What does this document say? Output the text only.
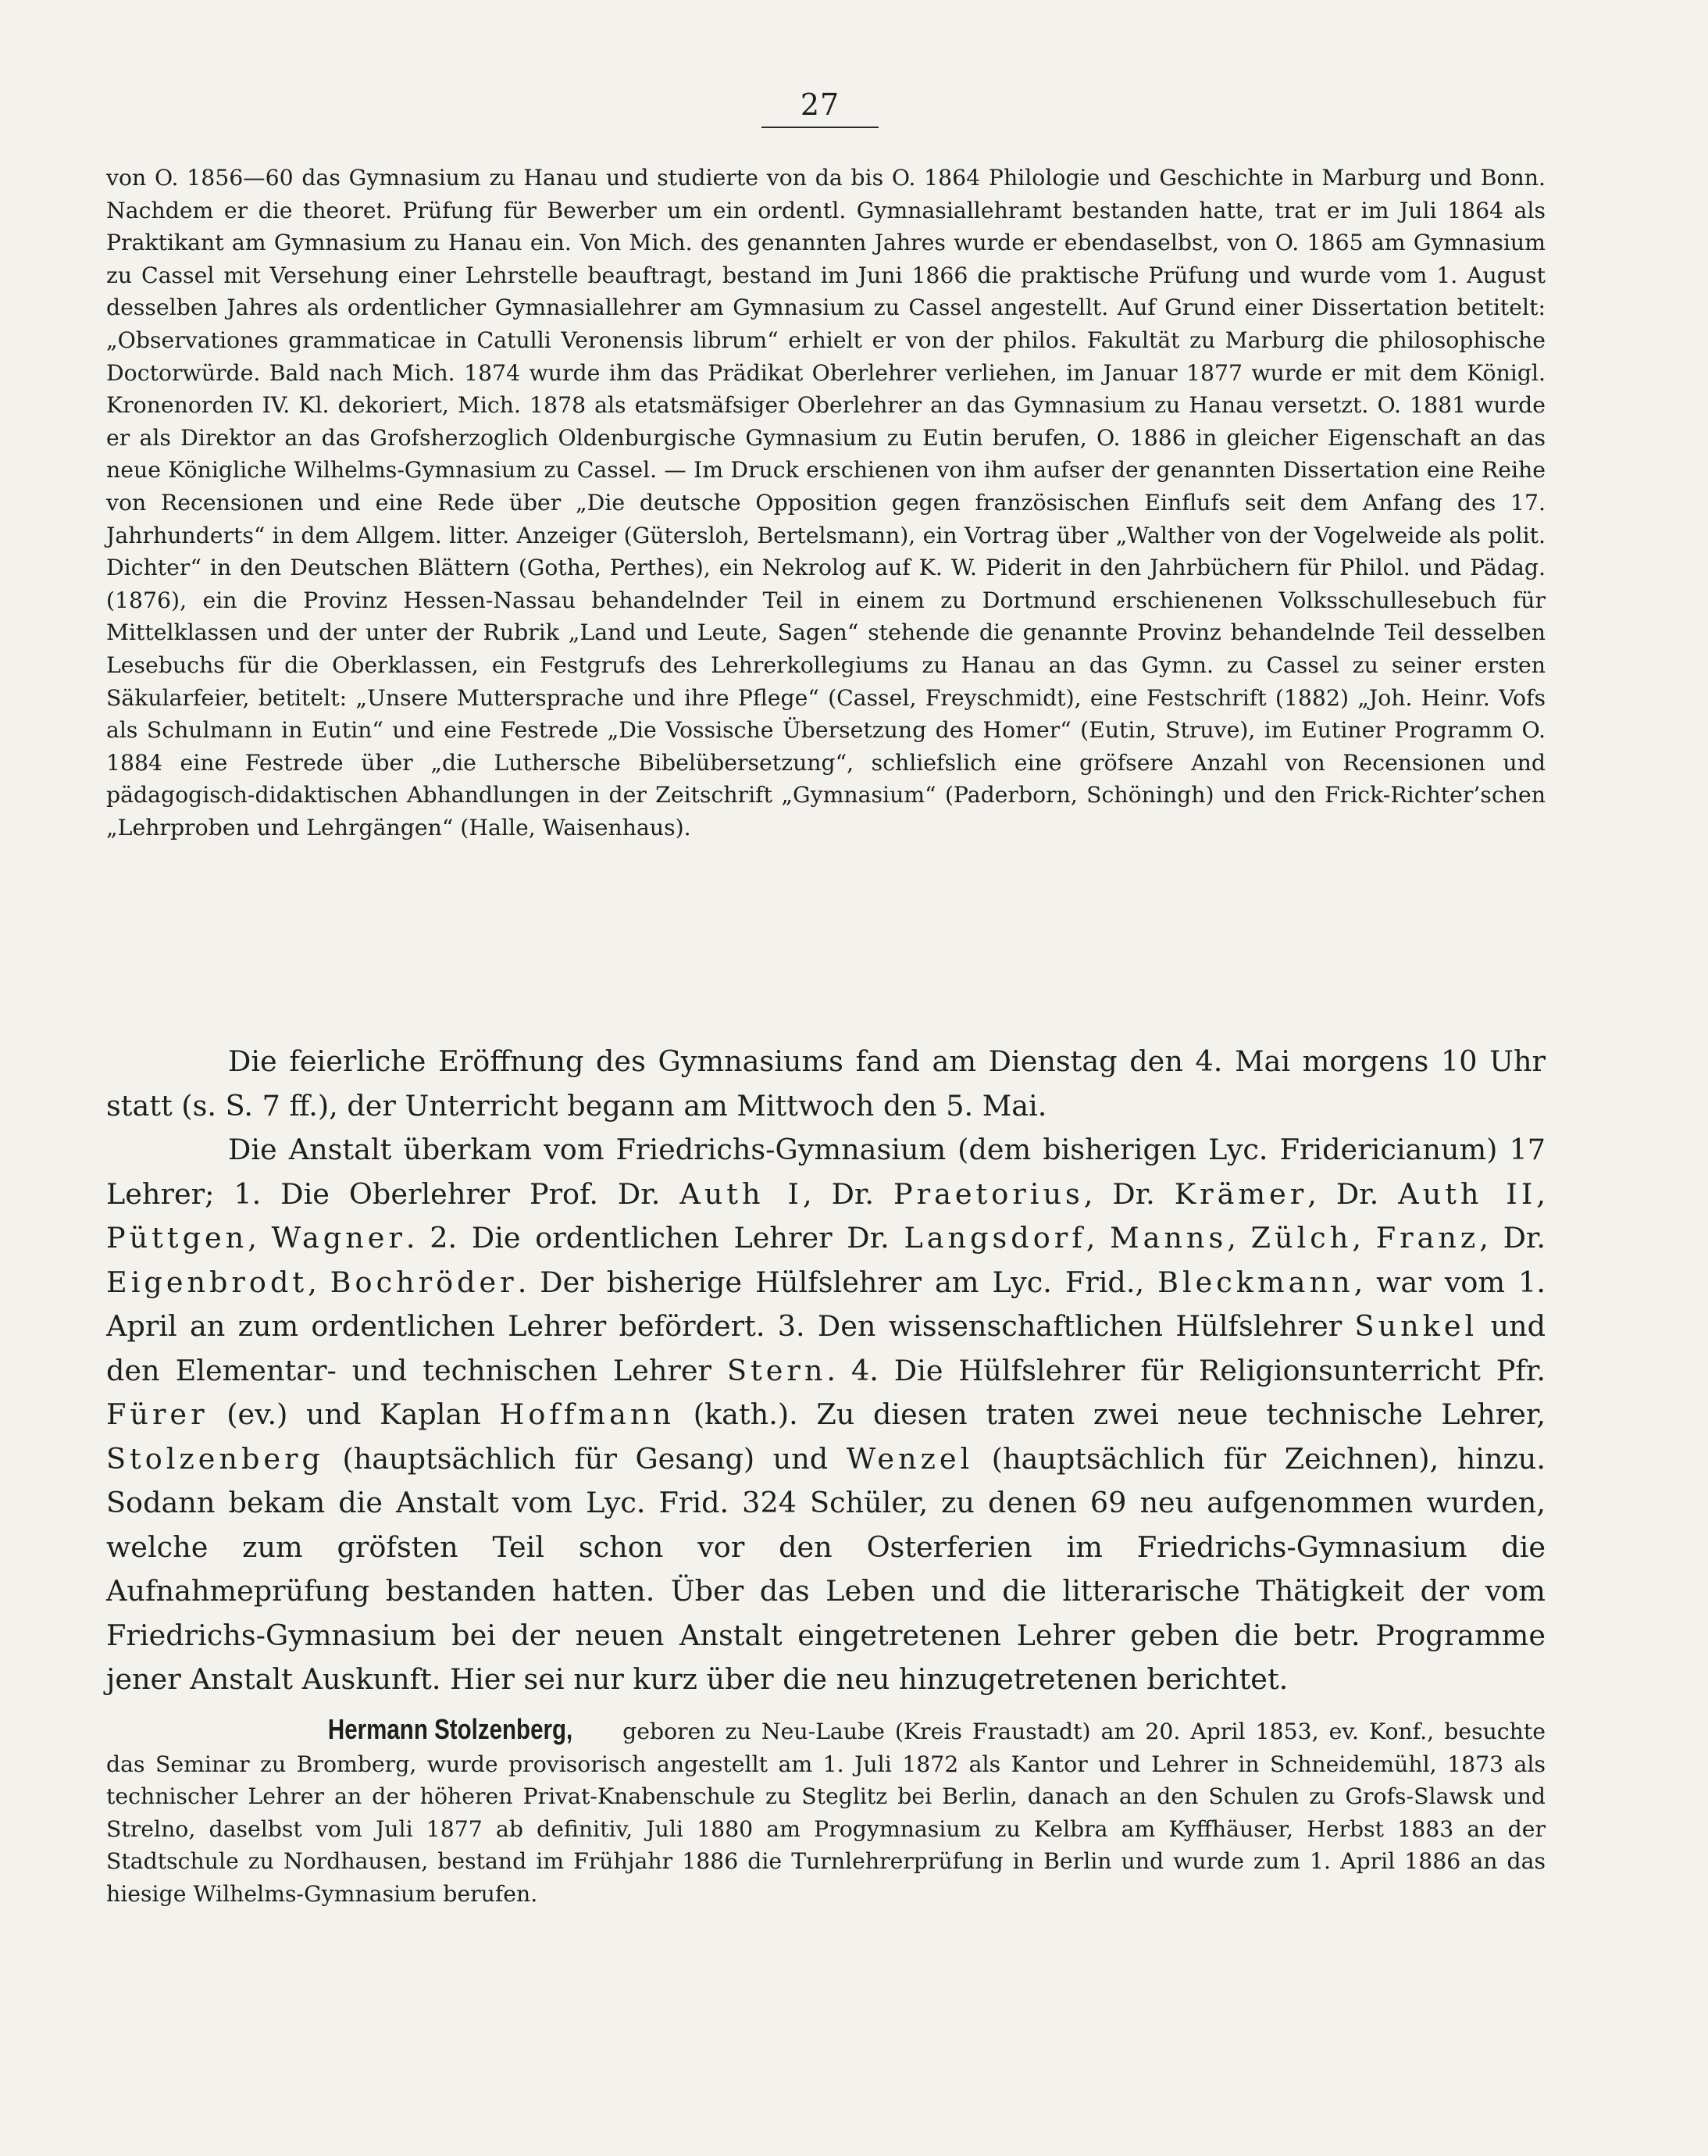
27

von O. 1856—60 das Gymnasium zu Hanau und studierte von da bis O. 1864 Philologie und Geschichte in Marburg und Bonn. Nachdem er die theoret. Prüfung für Bewerber um ein ordentl. Gymnasiallehramt bestanden hatte, trat er im Juli 1864 als Praktikant am Gymnasium zu Hanau ein. Von Mich. des genannten Jahres wurde er ebendaselbst, von O. 1865 am Gymnasium zu Cassel mit Versehung einer Lehrstelle beauftragt, bestand im Juni 1866 die praktische Prüfung und wurde vom 1. August desselben Jahres als ordentlicher Gymnasiallehrer am Gymnasium zu Cassel angestellt. Auf Grund einer Dissertation betitelt: „Observationes grammaticae in Catulli Veronensis librum“ erhielt er von der philos. Fakultät zu Marburg die philosophische Doctorwürde. Bald nach Mich. 1874 wurde ihm das Prädikat Oberlehrer verliehen, im Januar 1877 wurde er mit dem Königl. Kronenorden IV. Kl. dekoriert, Mich. 1878 als etatsmäfsiger Oberlehrer an das Gymnasium zu Hanau versetzt. O. 1881 wurde er als Direktor an das Grofsherzoglich Oldenburgische Gymnasium zu Eutin berufen, O. 1886 in gleicher Eigenschaft an das neue Königliche Wilhelms-Gymnasium zu Cassel. — Im Druck erschienen von ihm aufser der genannten Dissertation eine Reihe von Recensionen und eine Rede über „Die deutsche Opposition gegen französischen Einflufs seit dem Anfang des 17. Jahrhunderts“ in dem Allgem. litter. Anzeiger (Gütersloh, Bertelsmann), ein Vortrag über „Walther von der Vogelweide als polit. Dichter“ in den Deutschen Blättern (Gotha, Perthes), ein Nekrolog auf K. W. Piderit in den Jahrbüchern für Philol. und Pädag. (1876), ein die Provinz Hessen-Nassau behandelnder Teil in einem zu Dortmund erschienenen Volksschullesebuch für Mittelklassen und der unter der Rubrik „Land und Leute, Sagen“ stehende die genannte Provinz behandelnde Teil desselben Lesebuchs für die Oberklassen, ein Festgrufs des Lehrerkollegiums zu Hanau an das Gymn. zu Cassel zu seiner ersten Säkularfeier, betitelt: „Unsere Muttersprache und ihre Pflege“ (Cassel, Freyschmidt), eine Festschrift (1882) „Joh. Heinr. Vofs als Schulmann in Eutin“ und eine Festrede „Die Vossische Übersetzung des Homer“ (Eutin, Struve), im Eutiner Programm O. 1884 eine Festrede über „die Luthersche Bibelübersetzung“, schliefslich eine gröfsere Anzahl von Recensionen und pädagogisch-didaktischen Abhandlungen in der Zeitschrift „Gymnasium“ (Paderborn, Schöningh) und den Frick-Richter’schen „Lehrproben und Lehrgängen“ (Halle, Waisenhaus).

Die feierliche Eröffnung des Gymnasiums fand am Dienstag den 4. Mai morgens 10 Uhr statt (s. S. 7 ff.), der Unterricht begann am Mittwoch den 5. Mai.

Die Anstalt überkam vom Friedrichs-Gymnasium (dem bisherigen Lyc. Fridericianum) 17 Lehrer; 1. Die Oberlehrer Prof. Dr. Auth I, Dr. Praetorius, Dr. Krämer, Dr. Auth II, Püttgen, Wagner. 2. Die ordentlichen Lehrer Dr. Langsdorf, Manns, Zülch, Franz, Dr. Eigenbrodt, Bochröder. Der bisherige Hülfslehrer am Lyc. Frid., Bleckmann, war vom 1. April an zum ordentlichen Lehrer befördert. 3. Den wissenschaftlichen Hülfslehrer Sunkel und den Elementar- und technischen Lehrer Stern. 4. Die Hülfslehrer für Religionsunterricht Pfr. Fürer (ev.) und Kaplan Hoffmann (kath.). Zu diesen traten zwei neue technische Lehrer, Stolzenberg (hauptsächlich für Gesang) und Wenzel (hauptsächlich für Zeichnen), hinzu. Sodann bekam die Anstalt vom Lyc. Frid. 324 Schüler, zu denen 69 neu aufgenommen wurden, welche zum gröfsten Teil schon vor den Osterferien im Friedrichs-Gymnasium die Aufnahmeprüfung bestanden hatten. Über das Leben und die litterarische Thätigkeit der vom Friedrichs-Gymnasium bei der neuen Anstalt eingetretenen Lehrer geben die betr. Programme jener Anstalt Auskunft. Hier sei nur kurz über die neu hinzugetretenen berichtet.

Hermann Stolzenberg, geboren zu Neu-Laube (Kreis Fraustadt) am 20. April 1853, ev. Konf., besuchte das Seminar zu Bromberg, wurde provisorisch angestellt am 1. Juli 1872 als Kantor und Lehrer in Schneidemühl, 1873 als technischer Lehrer an der höheren Privat-Knabenschule zu Steglitz bei Berlin, danach an den Schulen zu Grofs-Slawsk und Strelno, daselbst vom Juli 1877 ab definitiv, Juli 1880 am Progymnasium zu Kelbra am Kyffhäuser, Herbst 1883 an der Stadtschule zu Nordhausen, bestand im Frühjahr 1886 die Turnlehrerprüfung in Berlin und wurde zum 1. April 1886 an das hiesige Wilhelms-Gymnasium berufen.
